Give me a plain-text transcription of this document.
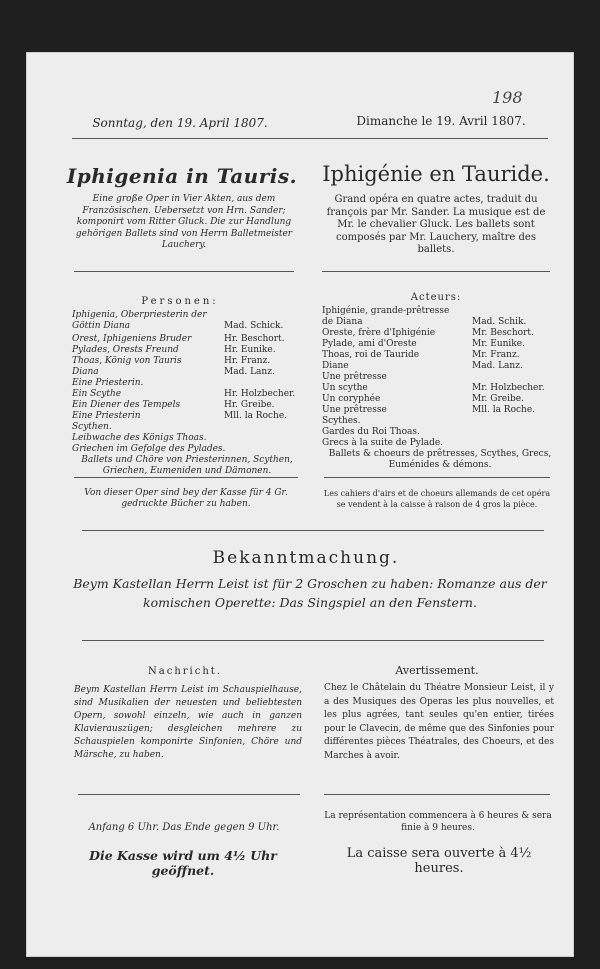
198
Sonntag, den 19. April 1807.	Dimanche le 19. Avril 1807.
Iphigenia in Tauris. Iphigénie en Tauride.
Eine große Oper in Vier Akten, aus dem Französischen. Uebersetzt von Hrn. Sander; komponirt vom Ritter Gluck. Die zur Handlung gehörigen Ballets sind von Herrn Balletmeister Lauchery.
Grand opéra en quatre actes, traduit du françois par Mr. Sander. La musique est de Mr. le chevalier Gluck. Les ballets sont composés par Mr. Lauchery, maître des ballets.
Personen:	Acteurs:
Iphigenia, Oberpriesterin der Göttin Diana	Mad. Schick.
Orest, Iphigeniens Bruder	Hr. Beschort.
Pylades, Orests Freund	Hr. Eunike.
Thoas, König von Tauris	Hr. Franz.
Diana	Mad. Lanz.
Eine Priesterin.
Ein Scythe	Hr. Holzbecher.
Ein Diener des Tempels	Hr. Greibe.
Eine Priesterin	Mll. la Roche.
Scythen.
Leibwache des Königs Thoas.
Griechen im Gefolge des Pylades.
Ballets und Chöre von Priesterinnen, Scythen, Griechen, Eumeniden und Dämonen.
Iphigénie, grande-prêtresse de Diana	Mad. Schik.
Oreste, frère d'Iphigénie	Mr. Beschort.
Pylade, ami d'Oreste	Mr. Eunike.
Thoas, roi de Tauride	Mr. Franz.
Diane	Mad. Lanz.
Une prêtresse
Un scythe	Mr. Holzbecher.
Un coryphée	Mr. Greibe.
Une prêtresse	Mll. la Roche.
Scythes.
Gardes du Roi Thoas.
Grecs à la suite de Pylade.
Ballets & choeurs de prêtresses, Scythes, Grecs, Euménides & démons.
Von dieser Oper sind bey der Kasse für 4 Gr. gedruckte Bücher zu haben.
Les cahiers d'airs et de choeurs allemands de cet opéra se vendent à la caisse à raison de 4 gros la pièce.
Bekanntmachung.
Beym Kastellan Herrn Leist ist für 2 Groschen zu haben: Romanze aus der komischen Operette: Das Singspiel an den Fenstern.
Nachricht.	Avertissement.
Beym Kastellan Herrn Leist im Schauspielhause, sind Musikalien der neuesten und beliebtesten Opern, sowohl einzeln, wie auch in ganzen Klavierauszügen; desgleichen mehrere zu Schauspielen komponirte Sinfonien, Chöre und Märsche, zu haben.
Chez le Châtelain du Théatre Monsieur Leist, il y a des Musiques des Operas les plus nouvelles, et les plus agrées, tant seules qu'en entier, tirées pour le Clavecin, de même que des Sinfonies pour différentes pièces Théatrales, des Choeurs, et des Marches à avoir.
Anfang 6 Uhr. Das Ende gegen 9 Uhr.
La représentation commencera à 6 heures & sera finie à 9 heures.
Die Kasse wird um 4½ Uhr geöffnet.
La caisse sera ouverte à 4½ heures.
